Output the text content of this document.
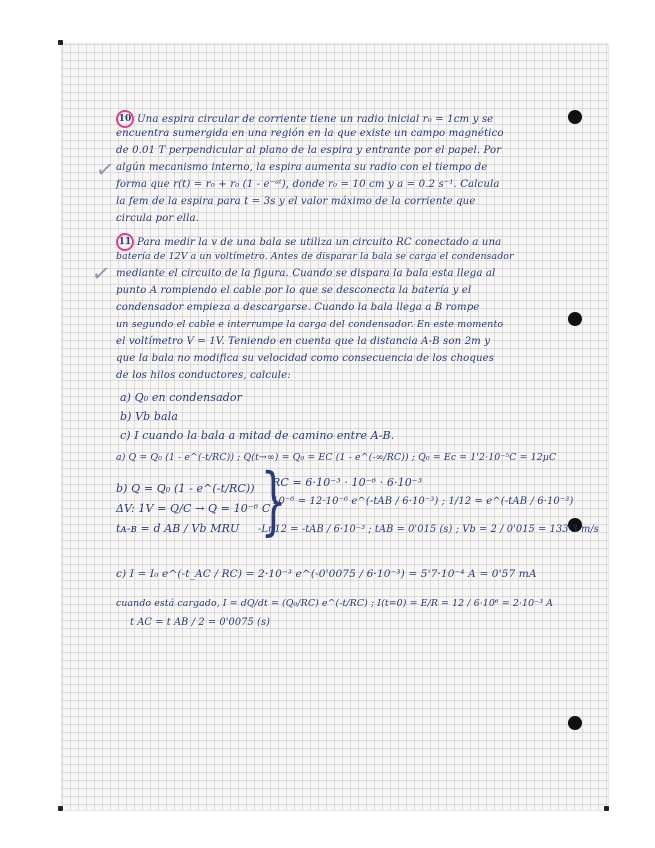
✓
✓
10 Una espira circular de corriente tiene un radio inicial r₀ = 1cm y se
encuentra sumergida en una región en la que existe un campo magnético
de 0.01 T perpendicular al plano de la espira y entrante por el papel. Por
algún mecanismo interno, la espira aumenta su radio con el tiempo de
forma que r(t) = r₀ + r₀ (1 - e⁻ᵃᵗ), donde r₀ = 10 cm y a = 0.2 s⁻¹. Calcula
la fem de la espira para t = 3s y el valor máximo de la corriente que
circula por ella.
11 Para medir la v de una bala se utiliza un circuito RC conectado a una
batería de 12V a un voltímetro. Antes de disparar la bala se carga el condensador
mediante el circuito de la figura. Cuando se dispara la bala esta llega al
punto A rompiendo el cable por lo que se desconecta la batería y el
condensador empieza a descargarse. Cuando la bala llega a B rompe
un segundo el cable e interrumpe la carga del condensador. En este momento
el voltímetro V = 1V. Teniendo en cuenta que la distancia A-B son 2m y
que la bala no modifica su velocidad como consecuencia de los choques
de los hilos conductores, calcule:
a) Q₀ en condensador
b) Vb bala
c) I cuando la bala a mitad de camino entre A-B.
a) Q = Q₀ (1 - e^(-t/RC)) ; Q(t→∞) = Q₀ = EC (1 - e^(-∞/RC)) ; Q₀ = Ec = 1'2·10⁻⁵C = 12µC
b) Q = Q₀ (1 - e^(-t/RC))
ΔV: 1V = Q/C → Q = 10⁻⁶ C
tᴀ-ʙ = d AB / Vb MRU }
RC = 6·10⁻³ · 10⁻⁶ · 6·10⁻³
10⁻⁶ = 12·10⁻⁶ e^(-tAB / 6·10⁻³) ; 1/12 = e^(-tAB / 6·10⁻³)
-Ln12 = -tAB / 6·10⁻³ ; tAB = 0'015 (s) ; Vb = 2 / 0'015 = 133'3 m/s
c) I = I₀ e^(-t_AC / RC) = 2·10⁻³ e^(-0'0075 / 6·10⁻³) = 5'7·10⁻⁴ A = 0'57 mA
cuando está cargado, I = dQ/dt = (Q₀/RC) e^(-t/RC) ; I(t=0) = E/R = 12 / 6·10⁶ = 2·10⁻³ A
t AC = t AB / 2 = 0'0075 (s)
